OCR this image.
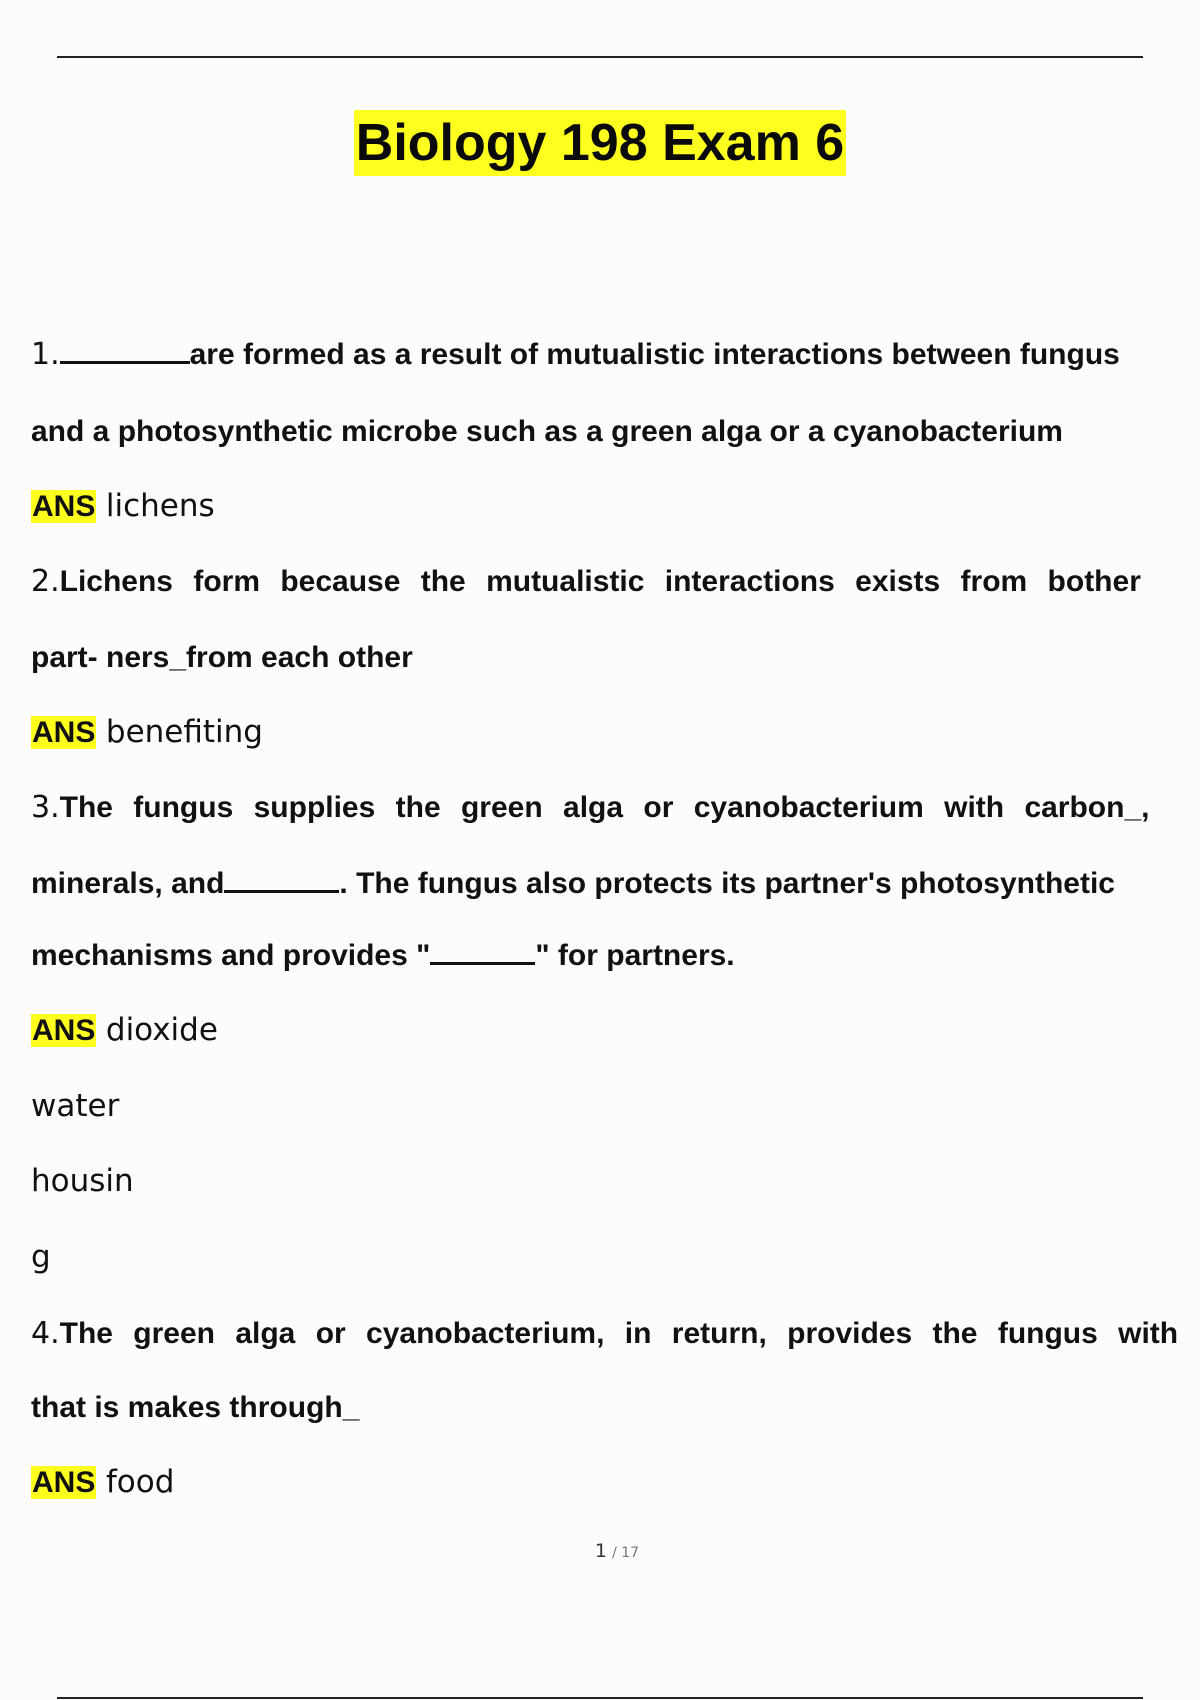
Biology 198 Exam 6
1.	are formed as a result of mutualistic interactions between fungus
and a photosynthetic microbe such as a green alga or a cyanobacterium
ANS lichens
2.Lichens form because the mutualistic interactions exists from bother
part- ners_from each other
ANS benefiting
3.The fungus supplies the green alga or cyanobacterium with carbon_,
minerals, and	. The fungus also protects its partner's photosynthetic
mechanisms and provides "	" for partners.
ANS dioxide
water
housin
g
4.The green alga or cyanobacterium, in return, provides the fungus with
that is makes through_
ANS food
1 / 17
